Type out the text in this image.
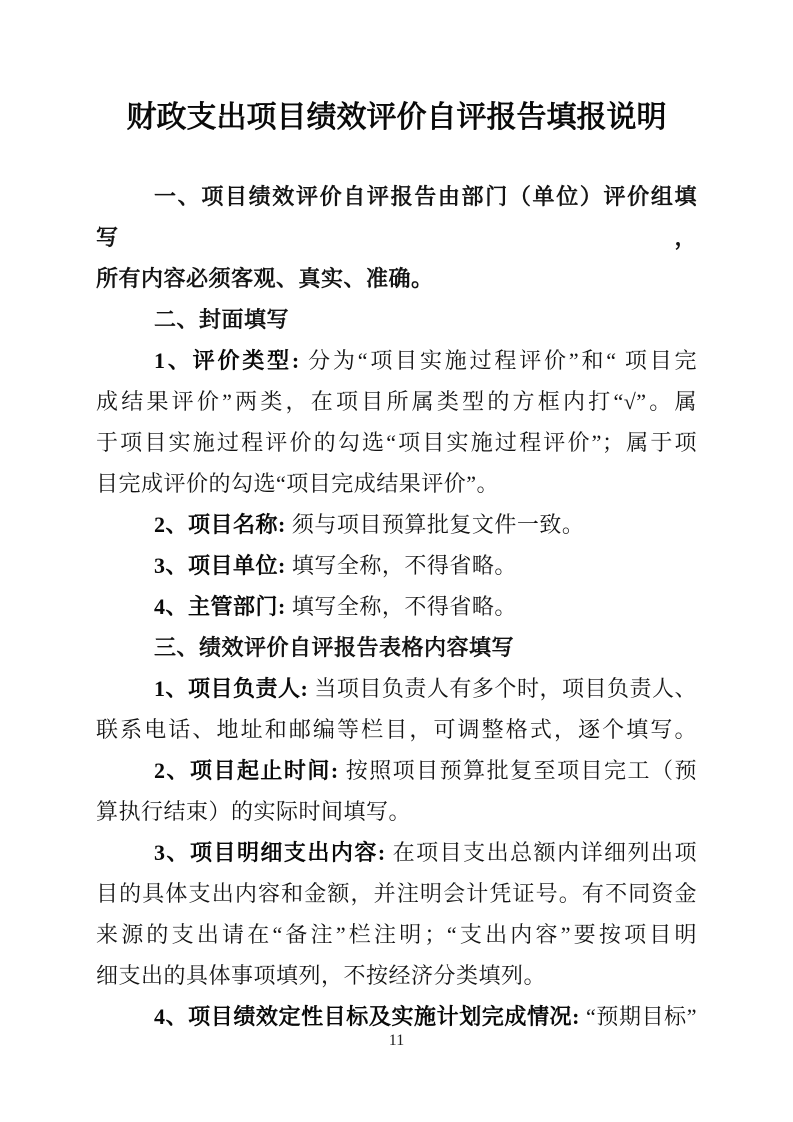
财政支出项目绩效评价自评报告填报说明
一、项目绩效评价自评报告由部门（单位）评价组填写，
所有内容必须客观、真实、准确。
二、封面填写
1、评价类型: 分为“项目实施过程评价”和“ 项目完
成结果评价”两类，在项目所属类型的方框内打“√”。属
于项目实施过程评价的勾选“项目实施过程评价”；属于项
目完成评价的勾选“项目完成结果评价”。
2、项目名称: 须与项目预算批复文件一致。
3、项目单位: 填写全称，不得省略。
4、主管部门: 填写全称，不得省略。
三、绩效评价自评报告表格内容填写
1、项目负责人: 当项目负责人有多个时，项目负责人、
联系电话、地址和邮编等栏目，可调整格式，逐个填写。
2、项目起止时间: 按照项目预算批复至项目完工（预
算执行结束）的实际时间填写。
3、项目明细支出内容: 在项目支出总额内详细列出项
目的具体支出内容和金额，并注明会计凭证号。有不同资金
来源的支出请在“备注”栏注明；“支出内容”要按项目明
细支出的具体事项填列，不按经济分类填列。
4、项目绩效定性目标及实施计划完成情况: “预期目标”
11
